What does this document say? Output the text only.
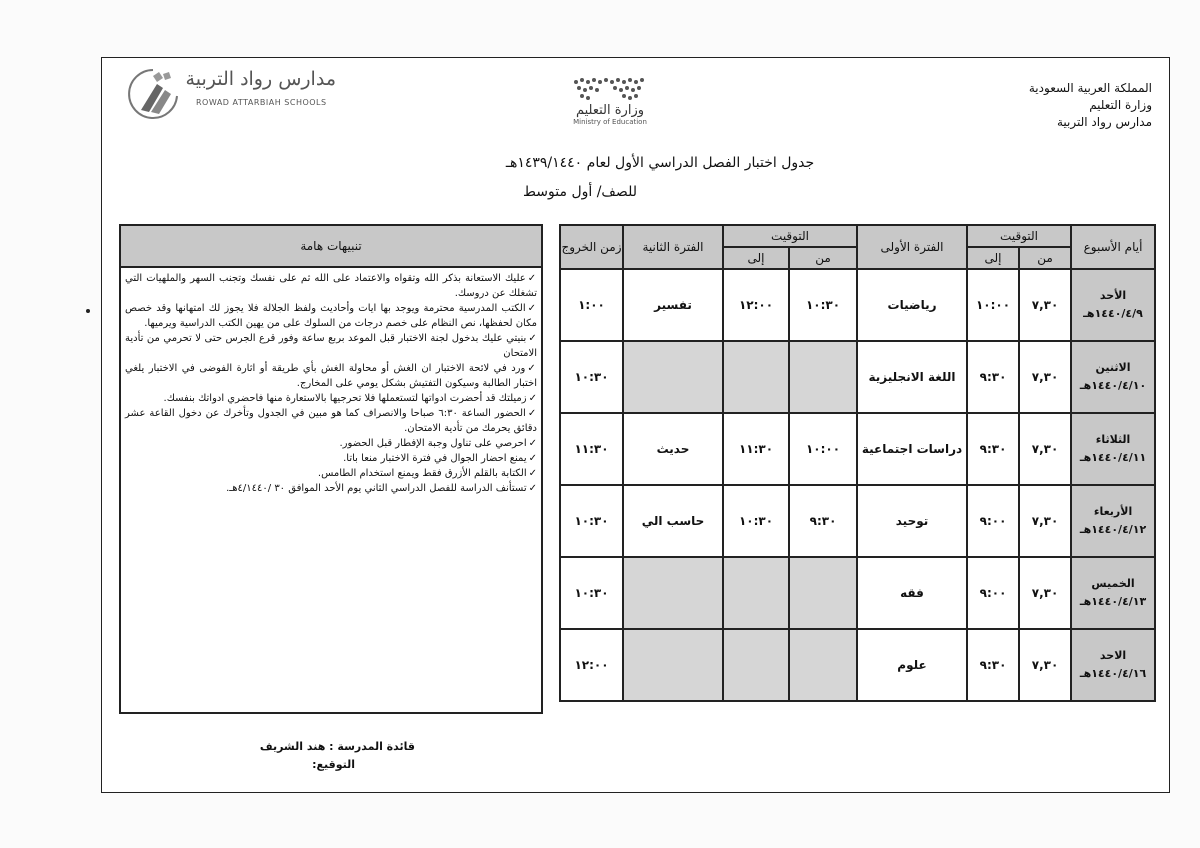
المملكة العربية السعودية
وزارة التعليم
مدارس رواد التربية
وزارة التعليم
Ministry of Education
مدارس رواد التربية
ROWAD ATTARBIAH SCHOOLS
جدول اختبار الفصل الدراسي الأول لعام ١٤٣٩/١٤٤٠هـ
للصف/ أول متوسط
أيام الأسبوع	التوقيت		الفترة الأولى	التوقيت		الفترة الثانية	زمن الخروج
	من	إلى		من	إلى		

الأحد
١٤٤٠/٤/٩هـ	٧,٣٠	١٠:٠٠	رياضيات	١٠:٣٠	١٢:٠٠	تفسير	١:٠٠

الاثنين
١٤٤٠/٤/١٠هـ	٧,٣٠	٩:٣٠	اللغة الانجليزية				١٠:٣٠

الثلاثاء
١٤٤٠/٤/١١هـ	٧,٣٠	٩:٣٠	دراسات اجتماعية	١٠:٠٠	١١:٣٠	حديث	١١:٣٠

الأربعاء
١٤٤٠/٤/١٢هـ	٧,٣٠	٩:٠٠	توحيد	٩:٣٠	١٠:٣٠	حاسب الي	١٠:٣٠

الخميس
١٤٤٠/٤/١٣هـ	٧,٣٠	٩:٠٠	فقه				١٠:٣٠

الاحد
١٤٤٠/٤/١٦هـ	٧,٣٠	٩:٣٠	علوم				١٢:٠٠
تنبيهات هامة

✓ عليك الاستعانة بذكر الله وتقواه والاعتماد على الله ثم على نفسك وتجنب السهر والملهيات التي تشغلك عن دروسك.
✓ الكتب المدرسية محترمة ويوجد بها ايات وأحاديث ولفظ الجلالة فلا يجوز لك امتهانها وقد خصص مكان لحفظها، نص النظام على خصم درجات من السلوك على من يهين الكتب الدراسية ويرميها.
✓ بنيتي عليك بدخول لجنة الاختبار قبل الموعد بربع ساعة وفور قرع الجرس حتى لا تحرمي من تأدية الامتحان
✓ ورد في لائحة الاختبار ان الغش أو محاولة الغش بأي طريقة أو اثارة الفوضى في الاختبار يلغي اختبار الطالبة وسيكون التفتيش بشكل يومي على المخارج.
✓ زميلتك قد أحضرت ادواتها لتستعملها فلا تحرجيها بالاستعارة منها فاحضري ادواتك بنفسك.
✓ الحضور الساعة ٦:٣٠ صباحا والانصراف كما هو مبين في الجدول وتأخرك عن دخول القاعة عشر دقائق يحرمك من تأدية الامتحان.
✓ احرصي على تناول وجبة الإفطار قبل الحضور.
✓ يمنع احضار الجوال في فترة الاختبار منعا باتا.
✓ الكتابة بالقلم الأزرق فقط ويمنع استخدام الطامس.
✓ تستأنف الدراسة للفصل الدراسي الثاني يوم الأحد الموافق ٣٠ /٤/١٤٤٠هـ.
قائدة المدرسة : هند الشريف
التوقيع:
